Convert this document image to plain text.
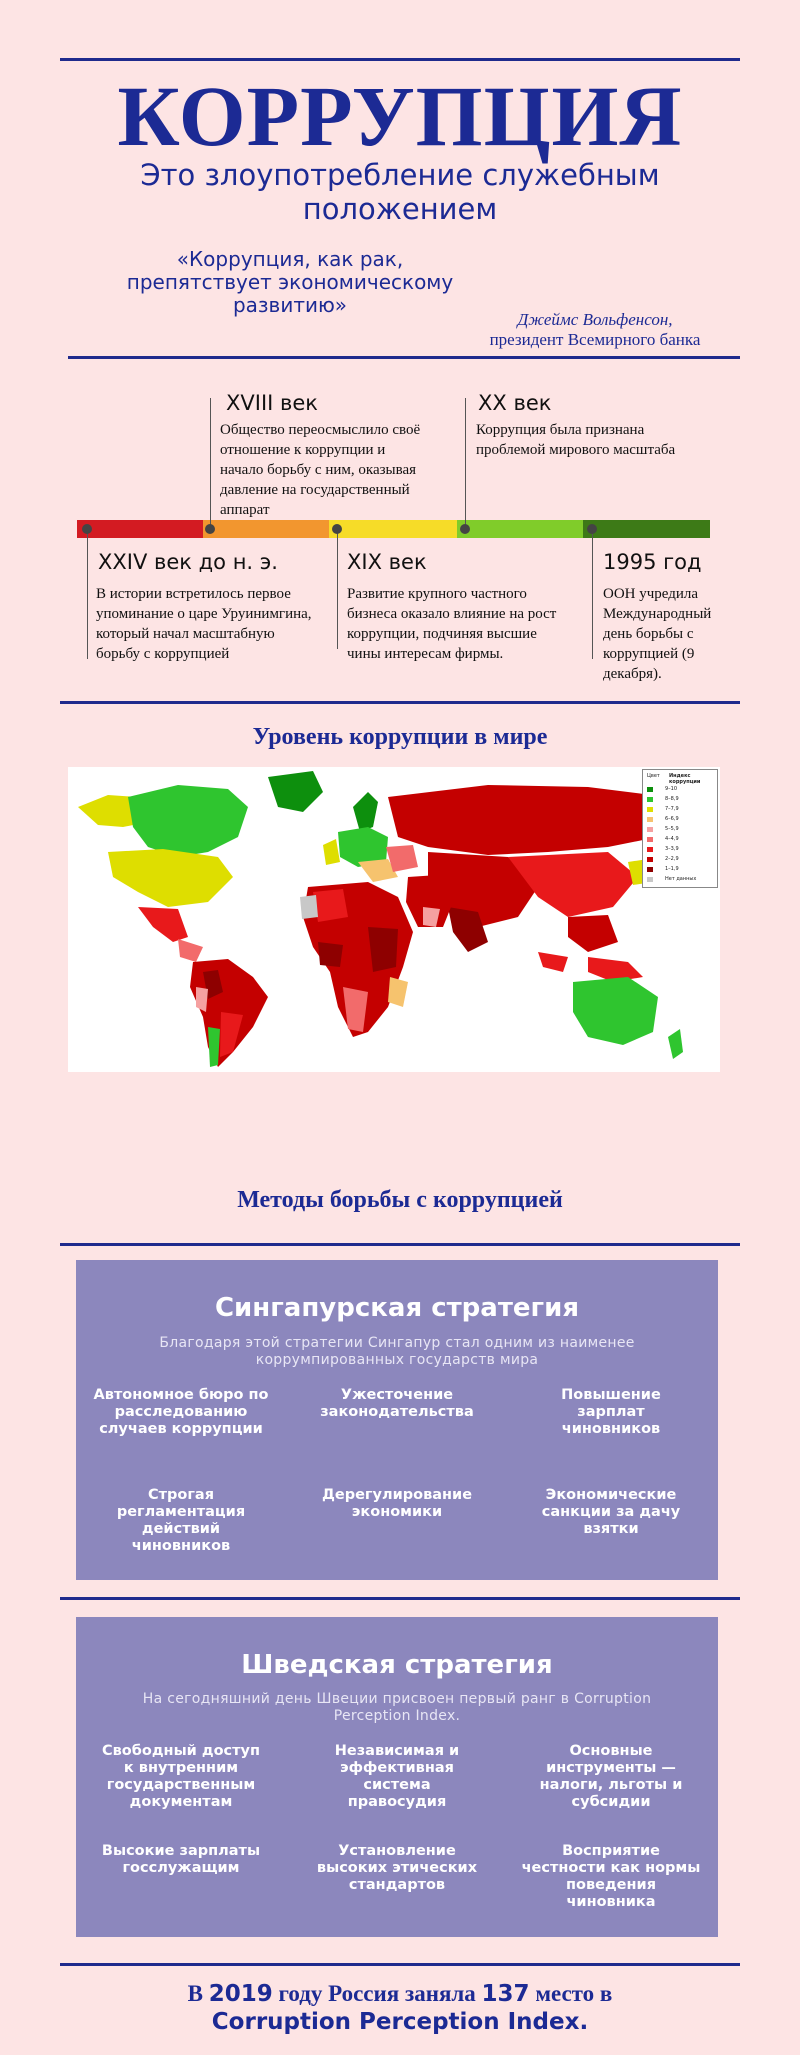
КОРРУПЦИЯ
Это злоупотребление служебным положением
«Коррупция, как рак, препятствует экономическому развитию»
Джеймс Вольфенсон,
президент Всемирного банка
XVIII век
Общество переосмыслило своё отношение к коррупции и начало борьбу с ним, оказывая давление на государственный аппарат
XX век
Коррупция была признана проблемой мирового масштаба
XXIV век до н. э.
В истории встретилось первое упоминание о царе Уруинимгина, который начал масштабную борьбу с коррупцией
XIX век
Развитие крупного частного бизнеса оказало влияние на рост коррупции, подчиняя высшие чины интересам фирмы.
1995 год
ООН учредила Международный день борьбы с коррупцией (9 декабря).
Уровень коррупции в мире
Цвет	Индекс коррупции
9–10
8–8,9
7–7,9
6–6,9
5–5,9
4–4,9
3–3,9
2–2,9
1–1,9
Нет данных
Методы борьбы с коррупцией
Сингапурская стратегия
Благодаря этой стратегии Сингапур стал одним из наименее коррумпированных государств мира
Автономное бюро по расследованию случаев коррупции
Ужесточение законодательства
Повышение зарплат чиновников
Строгая регламентация действий чиновников
Дерегулирование экономики
Экономические санкции за дачу взятки
Шведская стратегия
На сегодняшний день Швеции присвоен первый ранг в Corruption Perception Index.
Свободный доступ к внутренним государственным документам
Независимая и эффективная система правосудия
Основные инструменты — налоги, льготы и субсидии
Высокие зарплаты госслужащим
Установление высоких этических стандартов
Восприятие честности как нормы поведения чиновника
В 2019 году Россия заняла 137 место в
Corruption Perception Index.
